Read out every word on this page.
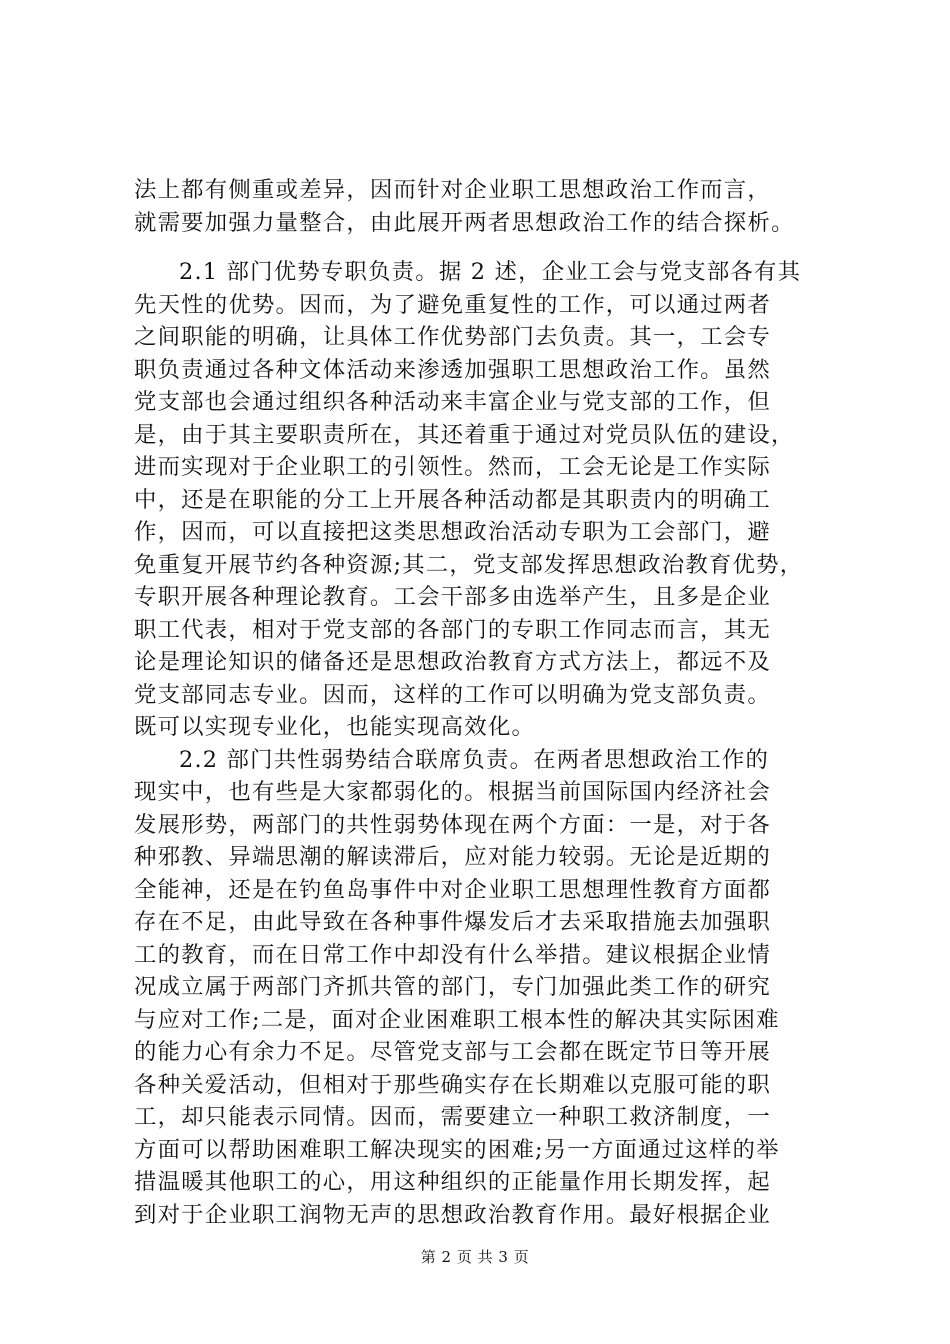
法上都有侧重或差异，因而针对企业职工思想政治工作而言，
就需要加强力量整合，由此展开两者思想政治工作的结合探析。
2.1 部门优势专职负责。据 2 述，企业工会与党支部各有其
先天性的优势。因而，为了避免重复性的工作，可以通过两者
之间职能的明确，让具体工作优势部门去负责。其一，工会专
职负责通过各种文体活动来渗透加强职工思想政治工作。虽然
党支部也会通过组织各种活动来丰富企业与党支部的工作，但
是，由于其主要职责所在，其还着重于通过对党员队伍的建设，
进而实现对于企业职工的引领性。然而，工会无论是工作实际
中，还是在职能的分工上开展各种活动都是其职责内的明确工
作，因而，可以直接把这类思想政治活动专职为工会部门，避
免重复开展节约各种资源;其二，党支部发挥思想政治教育优势，
专职开展各种理论教育。工会干部多由选举产生，且多是企业
职工代表，相对于党支部的各部门的专职工作同志而言，其无
论是理论知识的储备还是思想政治教育方式方法上，都远不及
党支部同志专业。因而，这样的工作可以明确为党支部负责。
既可以实现专业化，也能实现高效化。
2.2 部门共性弱势结合联席负责。在两者思想政治工作的
现实中，也有些是大家都弱化的。根据当前国际国内经济社会
发展形势，两部门的共性弱势体现在两个方面：一是，对于各
种邪教、异端思潮的解读滞后，应对能力较弱。无论是近期的
全能神，还是在钓鱼岛事件中对企业职工思想理性教育方面都
存在不足，由此导致在各种事件爆发后才去采取措施去加强职
工的教育，而在日常工作中却没有什么举措。建议根据企业情
况成立属于两部门齐抓共管的部门，专门加强此类工作的研究
与应对工作;二是，面对企业困难职工根本性的解决其实际困难
的能力心有余力不足。尽管党支部与工会都在既定节日等开展
各种关爱活动，但相对于那些确实存在长期难以克服可能的职
工，却只能表示同情。因而，需要建立一种职工救济制度，一
方面可以帮助困难职工解决现实的困难;另一方面通过这样的举
措温暖其他职工的心，用这种组织的正能量作用长期发挥，起
到对于企业职工润物无声的思想政治教育作用。最好根据企业
第 2 页 共 3 页
